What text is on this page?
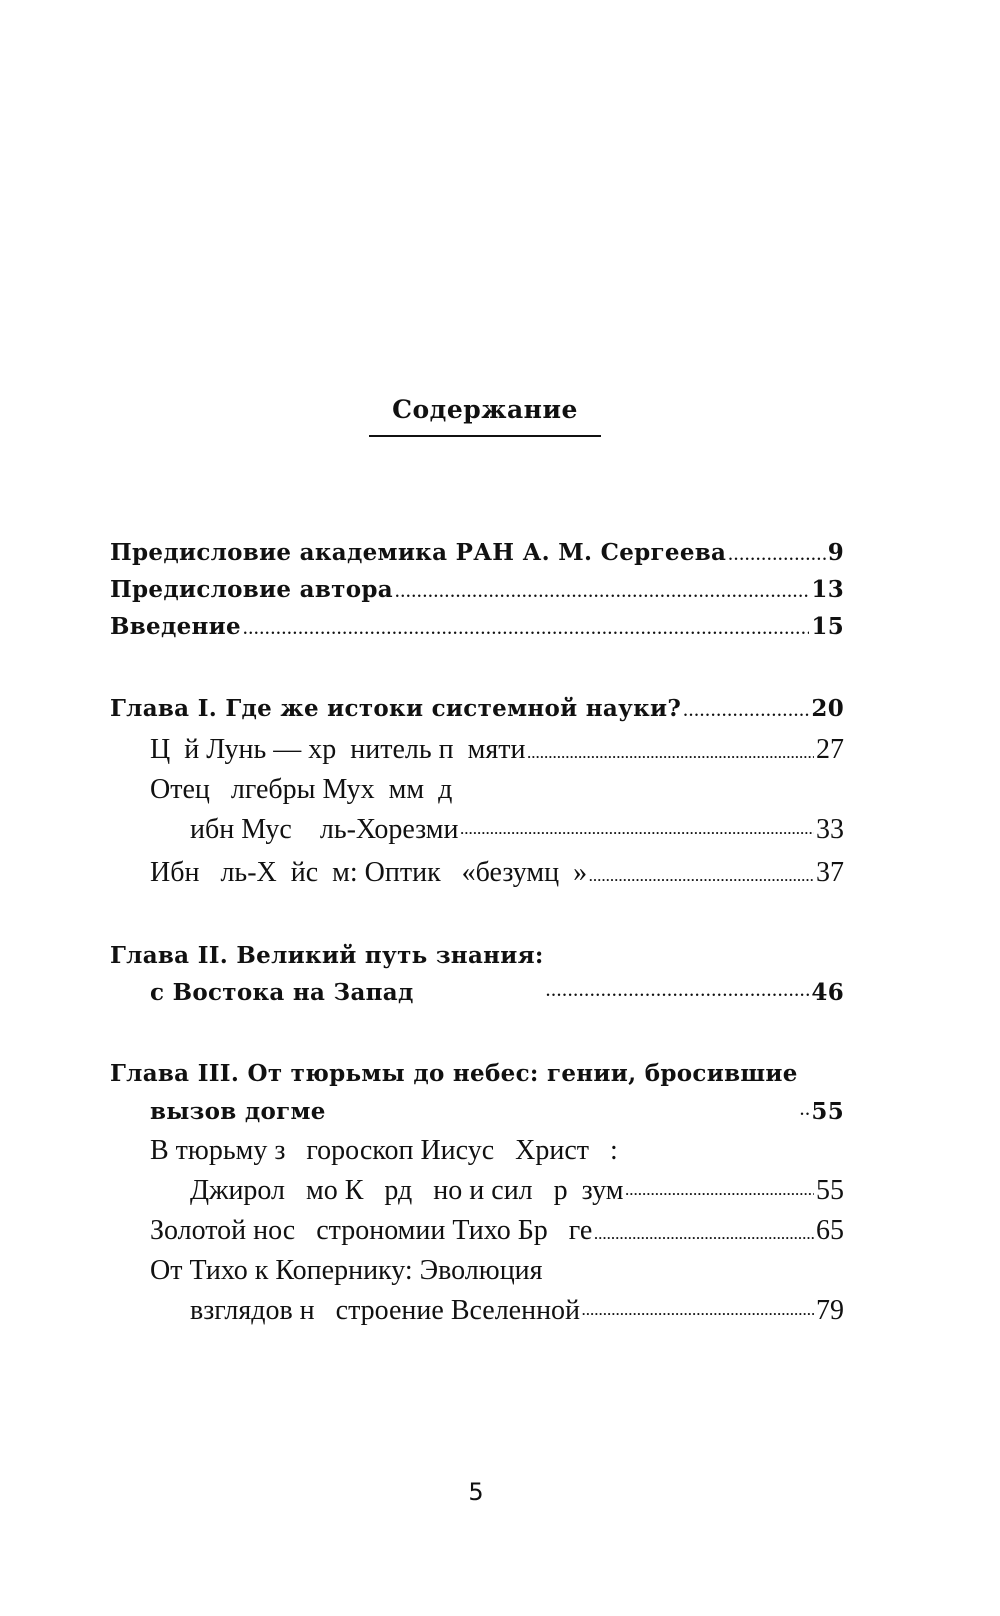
Содержание
Предисловие академика РАН А. М. Сергеева .....	9
Предисловие автора .....	13
Введение .....	15
Глава I. Где же истоки системной науки? .....	20
Ц  й Лунь — хр  нитель п  мяти .....	27
Отец   лгебры Мух  мм  д
ибн Мус    ль-Хорезми .....	33
Ибн   ль-Х  йс  м: Оптик   «безумц  » .....	37
Глава II. Великий путь знания:
с Востока на Запад .....	46
Глава III. От тюрьмы до небес: гении, бросившие
вызов догме .....	55
В тюрьму з   гороскоп Иисус   Христ   :
Джирол   мо К   рд   но и сил   р  зум .....	55
Золотой нос   строномии Тихо Бр   ге .....	65
От Тихо к Копернику: Эволюция
взглядов н   строение Вселенной .....	79
5
